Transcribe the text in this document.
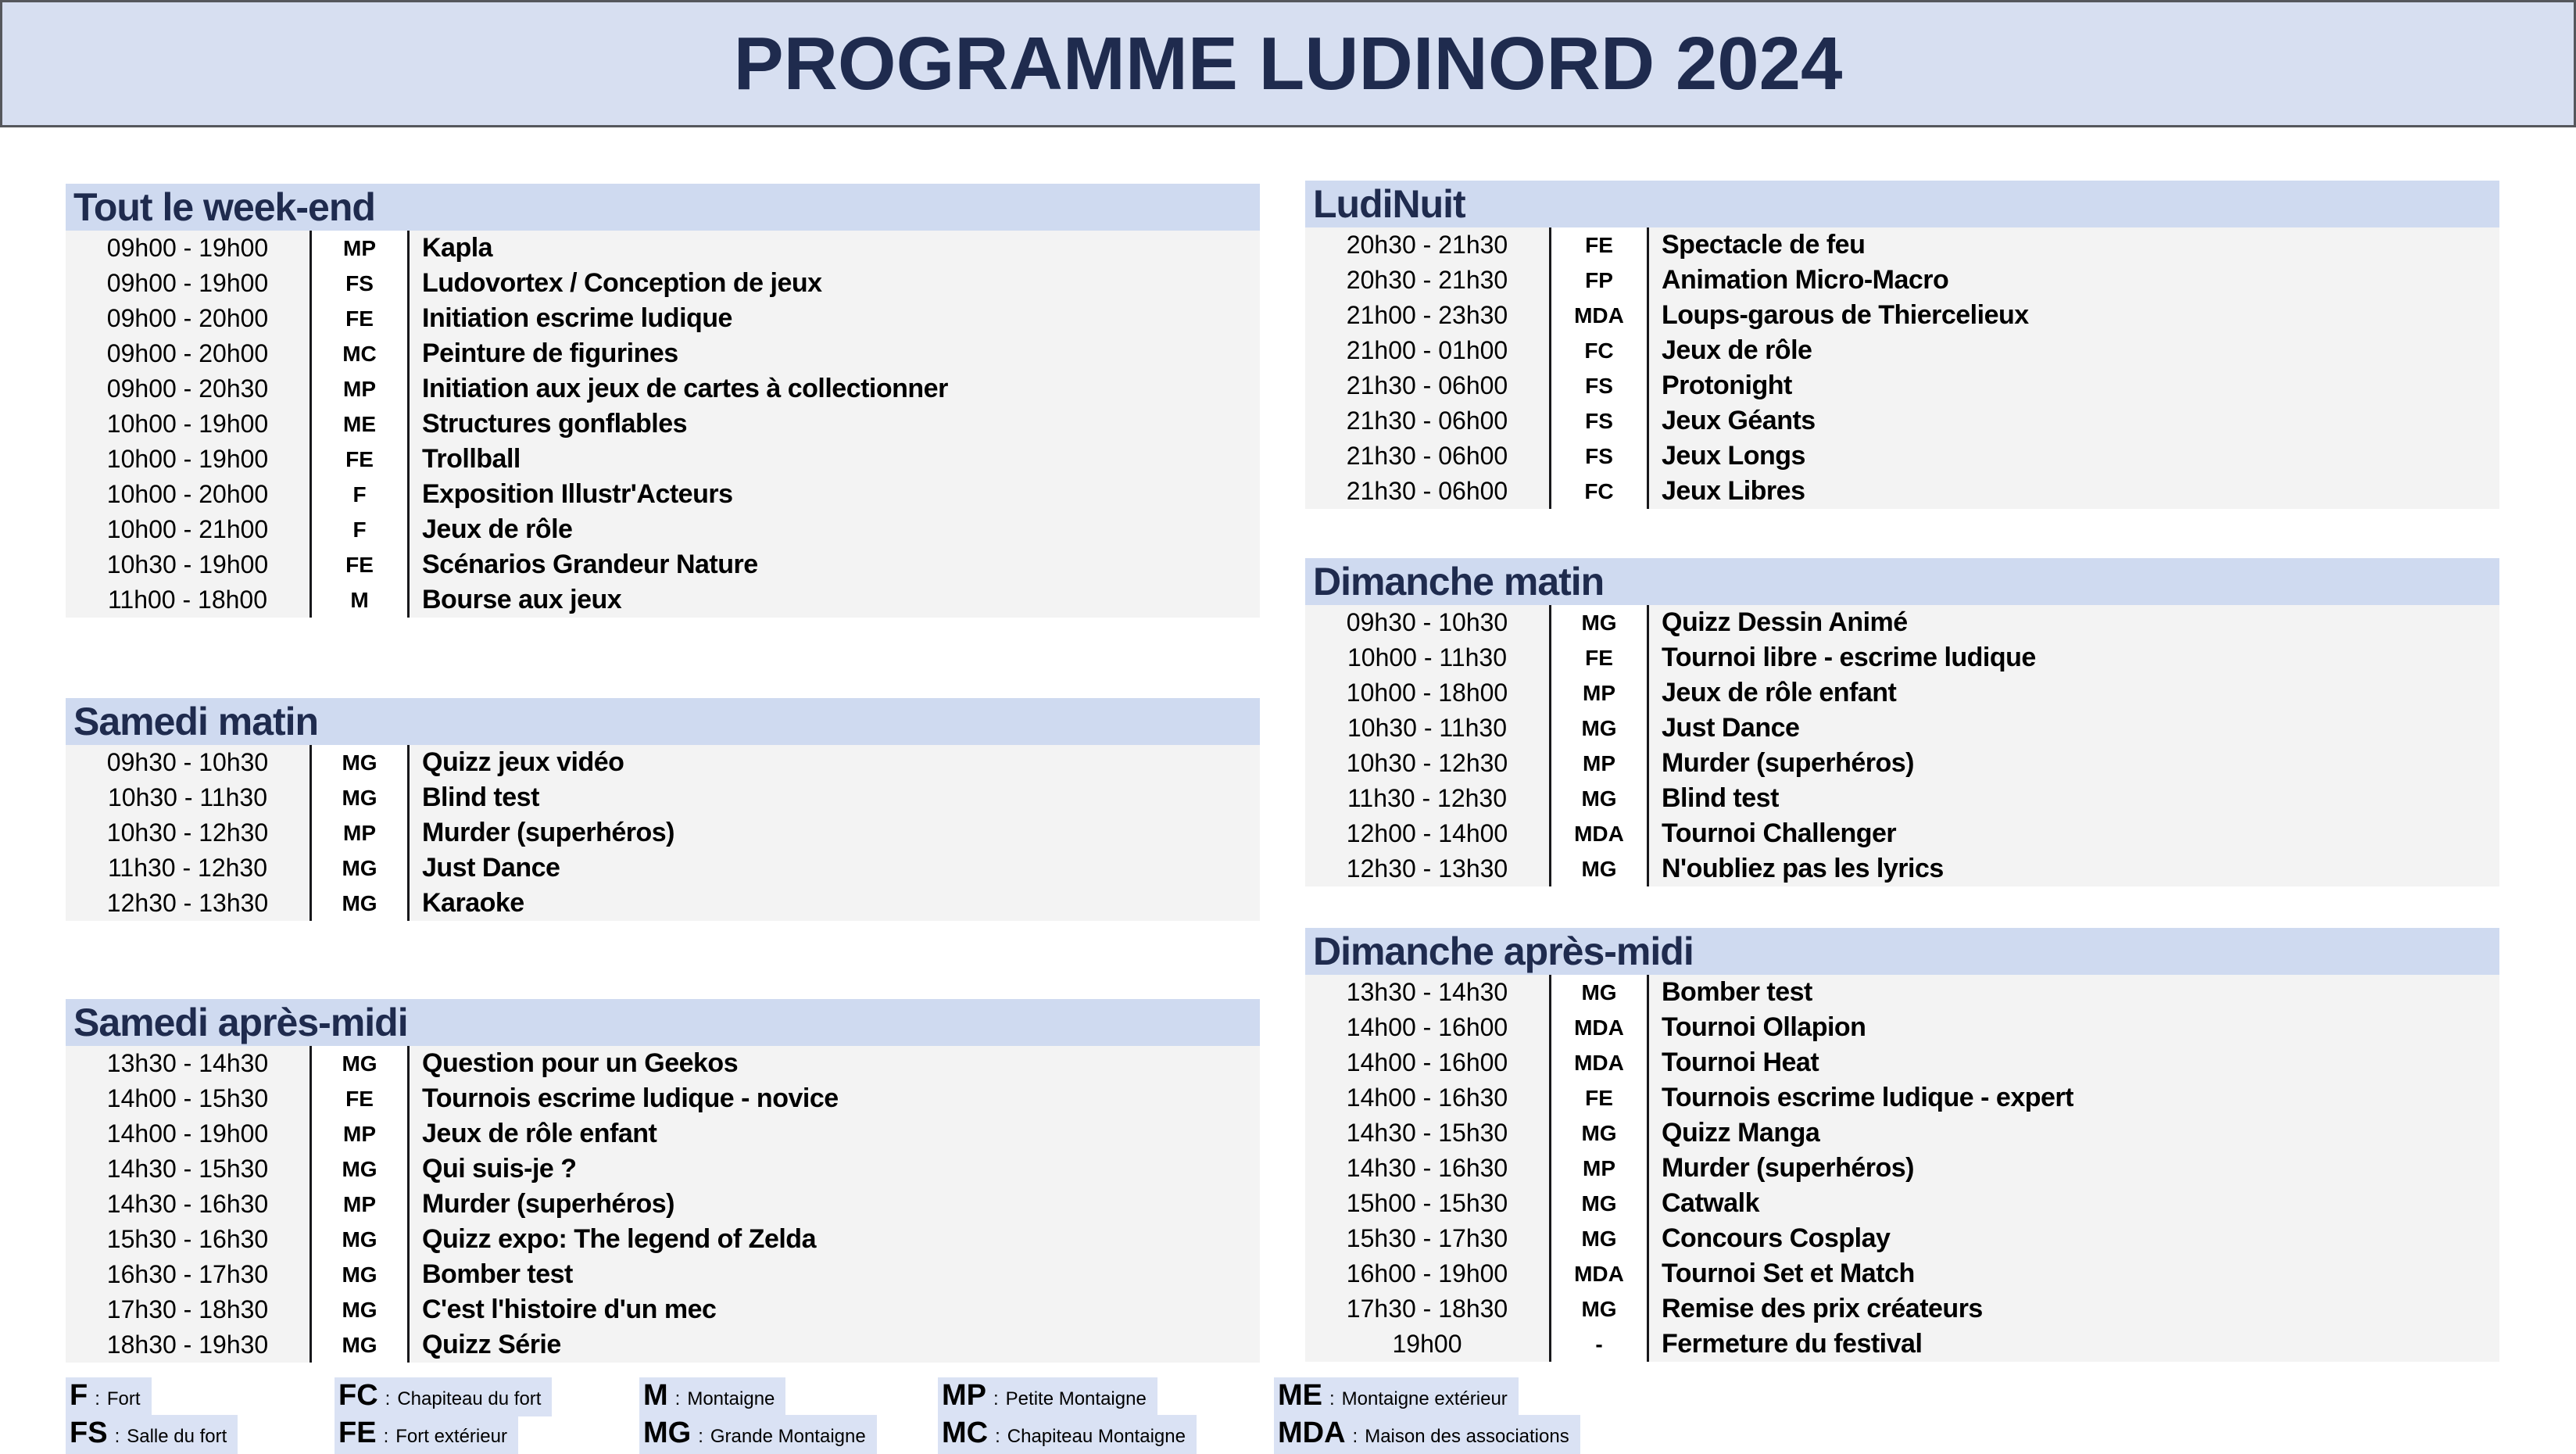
PROGRAMME LUDINORD 2024
Tout le week-end
09h00 - 19h00	MP	Kapla
09h00 - 19h00	FS	Ludovortex / Conception de jeux
09h00 - 20h00	FE	Initiation escrime ludique
09h00 - 20h00	MC	Peinture de figurines
09h00 - 20h30	MP	Initiation aux jeux de cartes à collectionner
10h00 - 19h00	ME	Structures gonflables
10h00 - 19h00	FE	Trollball
10h00 - 20h00	F	Exposition Illustr'Acteurs
10h00 - 21h00	F	Jeux de rôle
10h30 - 19h00	FE	Scénarios Grandeur Nature
11h00 - 18h00	M	Bourse aux jeux
Samedi matin
09h30 - 10h30	MG	Quizz jeux vidéo
10h30 - 11h30	MG	Blind test
10h30 - 12h30	MP	Murder (superhéros)
11h30 - 12h30	MG	Just Dance
12h30 - 13h30	MG	Karaoke
Samedi après-midi
13h30 - 14h30	MG	Question pour un Geekos
14h00 - 15h30	FE	Tournois escrime ludique - novice
14h00 - 19h00	MP	Jeux de rôle enfant
14h30 - 15h30	MG	Qui suis-je ?
14h30 - 16h30	MP	Murder (superhéros)
15h30 - 16h30	MG	Quizz expo: The legend of Zelda
16h30 - 17h30	MG	Bomber test
17h30 - 18h30	MG	C'est l'histoire d'un mec
18h30 - 19h30	MG	Quizz Série
LudiNuit
20h30 - 21h30	FE	Spectacle de feu
20h30 - 21h30	FP	Animation Micro-Macro
21h00 - 23h30	MDA	Loups-garous de Thiercelieux
21h00 - 01h00	FC	Jeux de rôle
21h30 - 06h00	FS	Protonight
21h30 - 06h00	FS	Jeux Géants
21h30 - 06h00	FS	Jeux Longs
21h30 - 06h00	FC	Jeux Libres
Dimanche matin
09h30 - 10h30	MG	Quizz Dessin Animé
10h00 - 11h30	FE	Tournoi libre - escrime ludique
10h00 - 18h00	MP	Jeux de rôle enfant
10h30 - 11h30	MG	Just Dance
10h30 - 12h30	MP	Murder (superhéros)
11h30 - 12h30	MG	Blind test
12h00 - 14h00	MDA	Tournoi Challenger
12h30 - 13h30	MG	N'oubliez pas les lyrics
Dimanche après-midi
13h30 - 14h30	MG	Bomber test
14h00 - 16h00	MDA	Tournoi Ollapion
14h00 - 16h00	MDA	Tournoi Heat
14h00 - 16h30	FE	Tournois escrime ludique - expert
14h30 - 15h30	MG	Quizz Manga
14h30 - 16h30	MP	Murder (superhéros)
15h00 - 15h30	MG	Catwalk
15h30 - 17h30	MG	Concours Cosplay
16h00 - 19h00	MDA	Tournoi Set et Match
17h30 - 18h30	MG	Remise des prix créateurs
19h00	-	Fermeture du festival
F : Fort	FC : Chapiteau du fort	M : Montaigne	MP : Petite Montaigne	ME : Montaigne extérieur
FS : Salle du fort	FE : Fort extérieur	MG : Grande Montaigne	MC : Chapiteau Montaigne	MDA : Maison des associations
